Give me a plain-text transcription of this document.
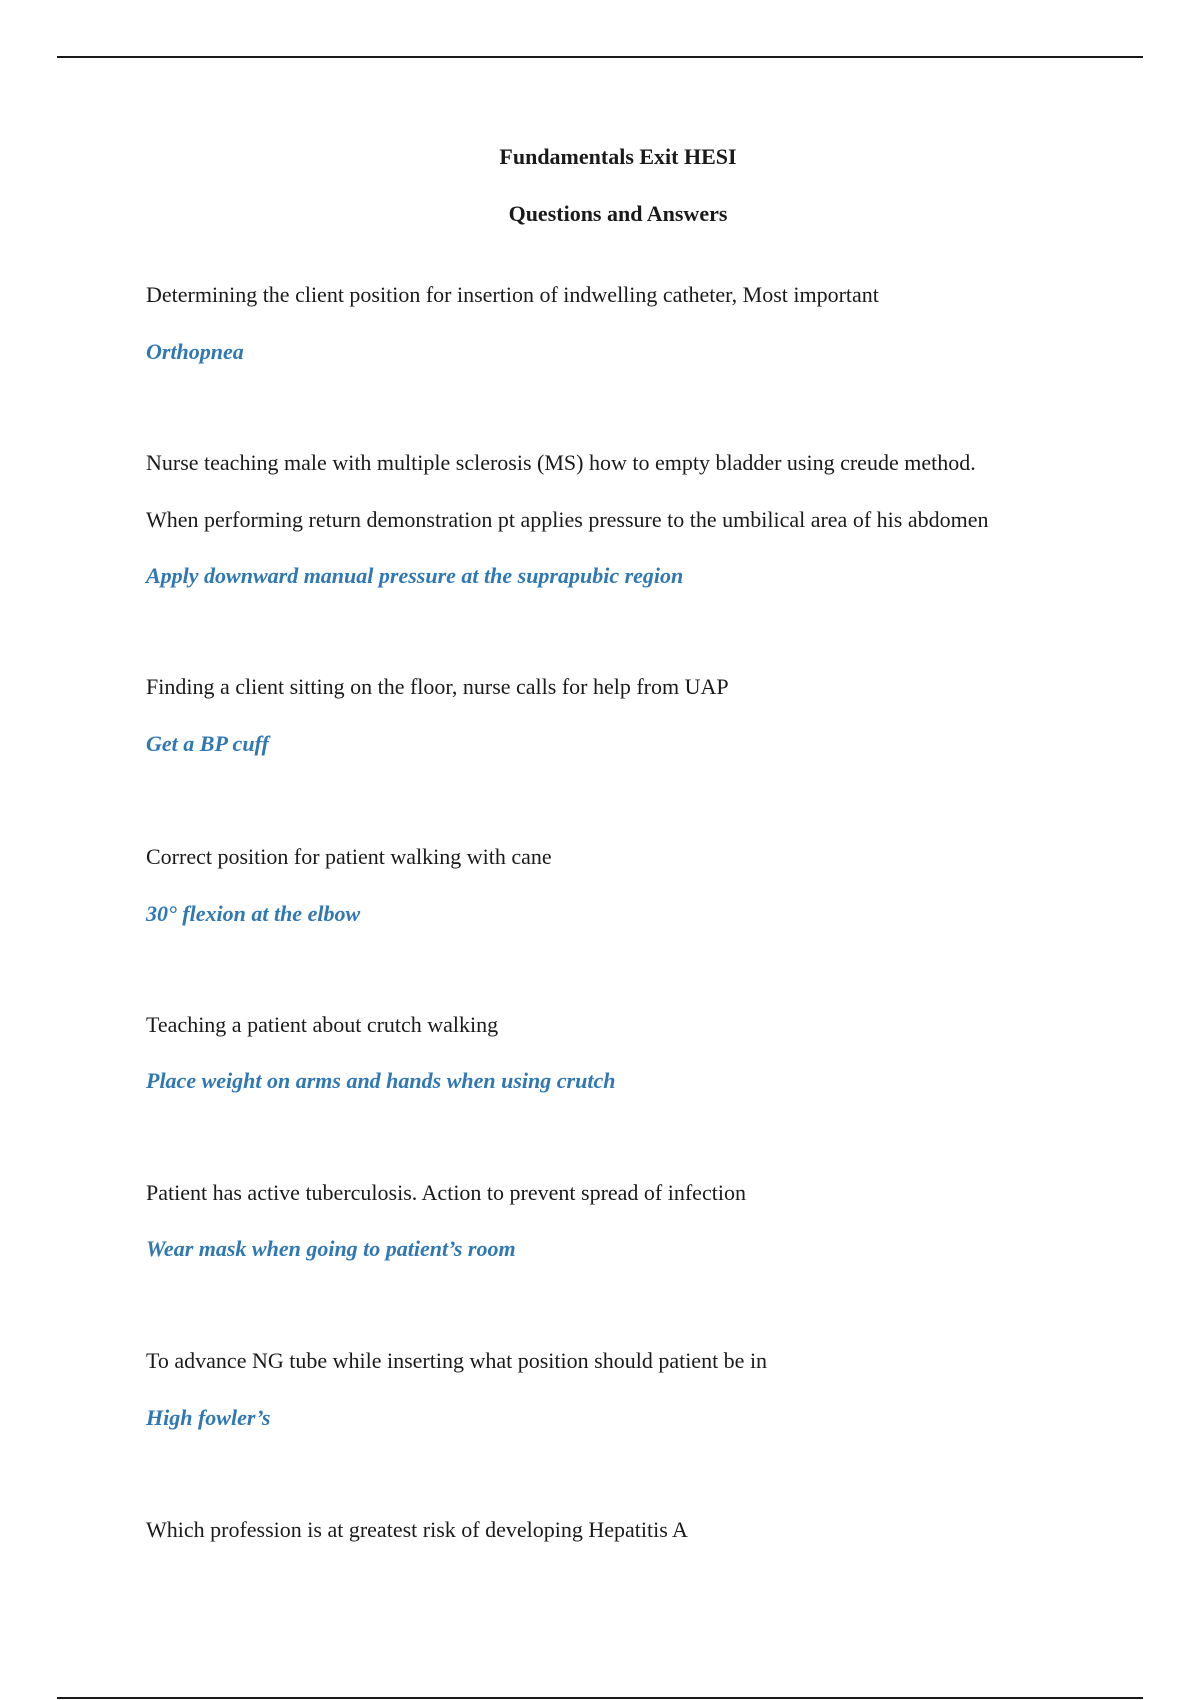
Fundamentals Exit HESI
Questions and Answers
Determining the client position for insertion of indwelling catheter, Most important
Orthopnea
Nurse teaching male with multiple sclerosis (MS) how to empty bladder using creude method.
When performing return demonstration pt applies pressure to the umbilical area of his abdomen
Apply downward manual pressure at the suprapubic region
Finding a client sitting on the floor, nurse calls for help from UAP
Get a BP cuff
Correct position for patient walking with cane
30° flexion at the elbow
Teaching a patient about crutch walking
Place weight on arms and hands when using crutch
Patient has active tuberculosis. Action to prevent spread of infection
Wear mask when going to patient’s room
To advance NG tube while inserting what position should patient be in
High fowler’s
Which profession is at greatest risk of developing Hepatitis A
